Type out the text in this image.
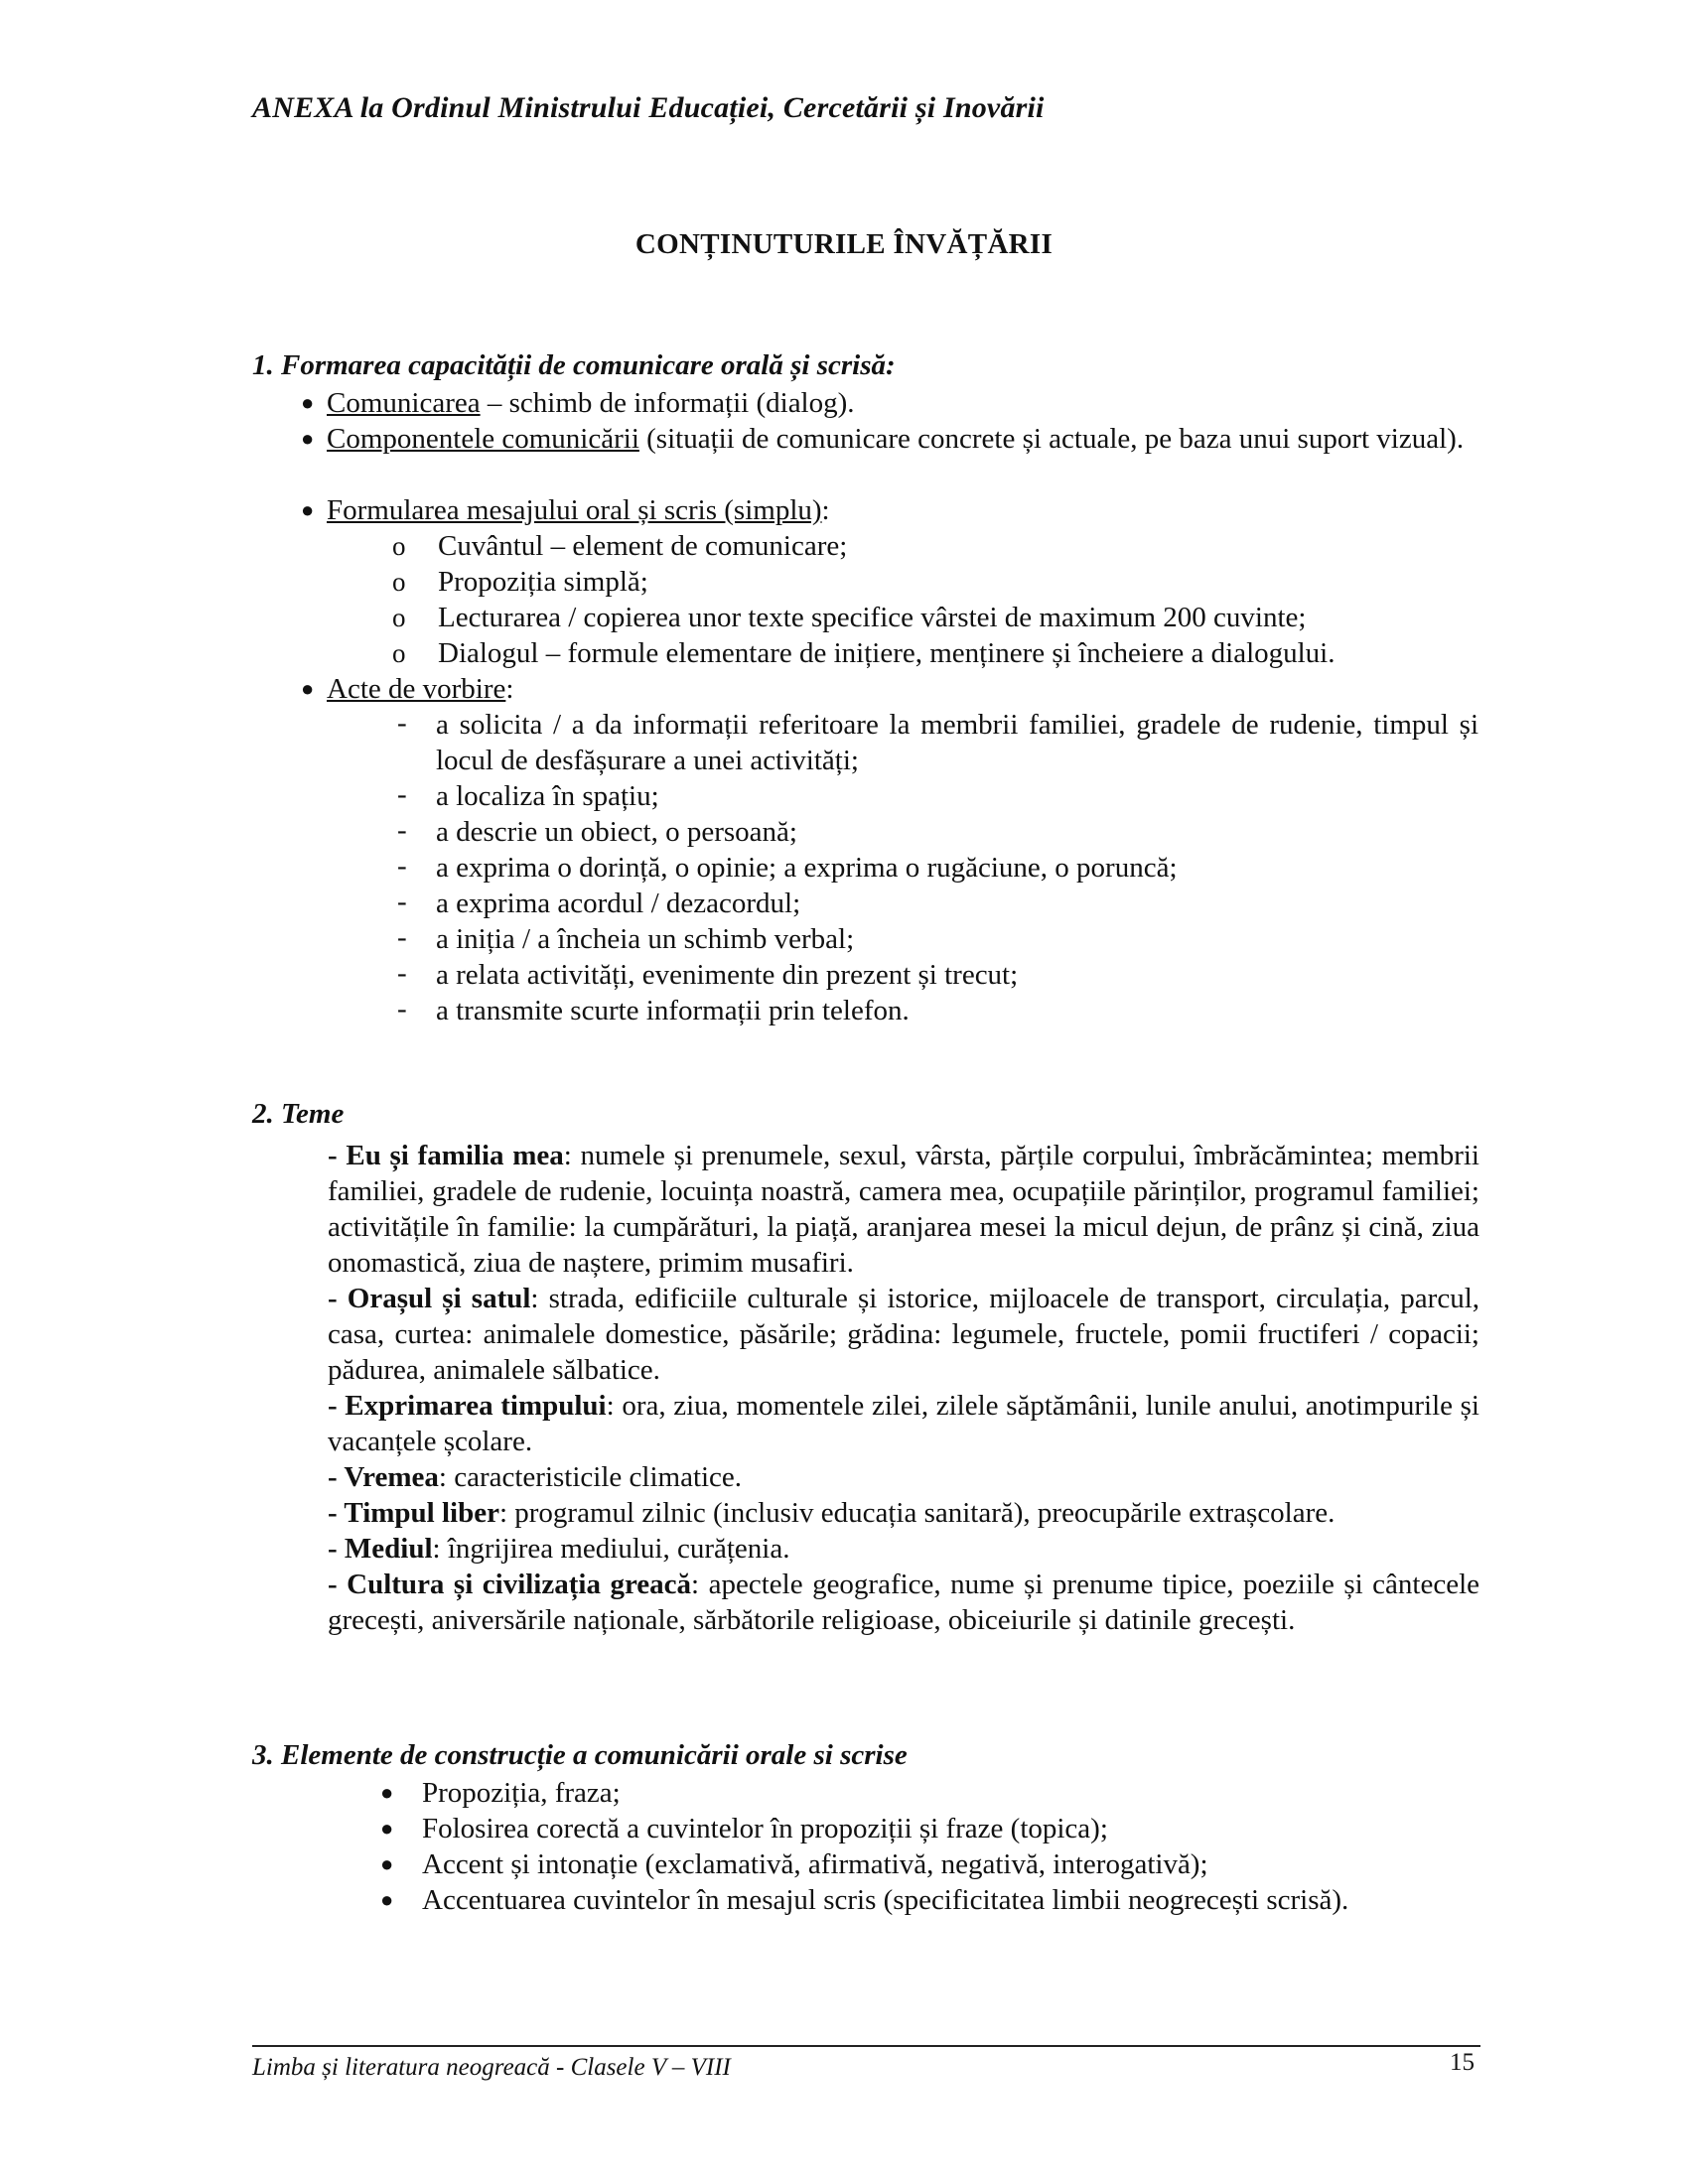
ANEXA la Ordinul Ministrului Educației, Cercetării și Inovării
CONȚINUTURILE ÎNVĂȚĂRII
1. Formarea capacității de comunicare orală și scrisă:
● Comunicarea – schimb de informații (dialog).
● Componentele comunicării (situații de comunicare concrete și actuale, pe baza unui suport vizual).
● Formularea mesajului oral și scris (simplu):
o Cuvântul – element de comunicare;
o Propoziția simplă;
o Lecturarea / copierea unor texte specifice vârstei de maximum 200 cuvinte;
o Dialogul – formule elementare de inițiere, menținere și încheiere a dialogului.
● Acte de vorbire:
- a solicita / a da informații referitoare la membrii familiei, gradele de rudenie, timpul și locul de desfășurare a unei activități;
- a localiza în spațiu;
- a descrie un obiect, o persoană;
- a exprima o dorință, o opinie; a exprima o rugăciune, o poruncă;
- a exprima acordul / dezacordul;
- a iniția / a încheia un schimb verbal;
- a relata activități, evenimente din prezent și trecut;
- a transmite scurte informații prin telefon.
2. Teme

- Eu și familia mea: numele și prenumele, sexul, vârsta, părțile corpului, îmbrăcămintea; membrii familiei, gradele de rudenie, locuința noastră, camera mea, ocupațiile părinților, programul familiei; activitățile în familie: la cumpărături, la piață, aranjarea mesei la micul dejun, de prânz și cină, ziua onomastică, ziua de naștere, primim musafiri.

- Orașul și satul: strada, edificiile culturale și istorice, mijloacele de transport, circulația, parcul, casa, curtea: animalele domestice, păsările; grădina: legumele, fructele, pomii fructiferi / copacii; pădurea, animalele sălbatice.

- Exprimarea timpului: ora, ziua, momentele zilei, zilele săptămânii, lunile anului, anotimpurile și vacanțele școlare.

- Vremea: caracteristicile climatice.

- Timpul liber: programul zilnic (inclusiv educația sanitară), preocupările extrașcolare.

- Mediul: îngrijirea mediului, curățenia.

- Cultura și civilizația greacă: apectele geografice, nume și prenume tipice, poeziile și cântecele grecești, aniversările naționale, sărbătorile religioase, obiceiurile și datinile grecești.

3. Elemente de construcție a comunicării orale si scrise
● Propoziția, fraza;
● Folosirea corectă a cuvintelor în propoziții și fraze (topica);
● Accent și intonație (exclamativă, afirmativă, negativă, interogativă);
● Accentuarea cuvintelor în mesajul scris (specificitatea limbii neogrecești scrisă).
Limba și literatura neogreacă - Clasele V – VIII	15
